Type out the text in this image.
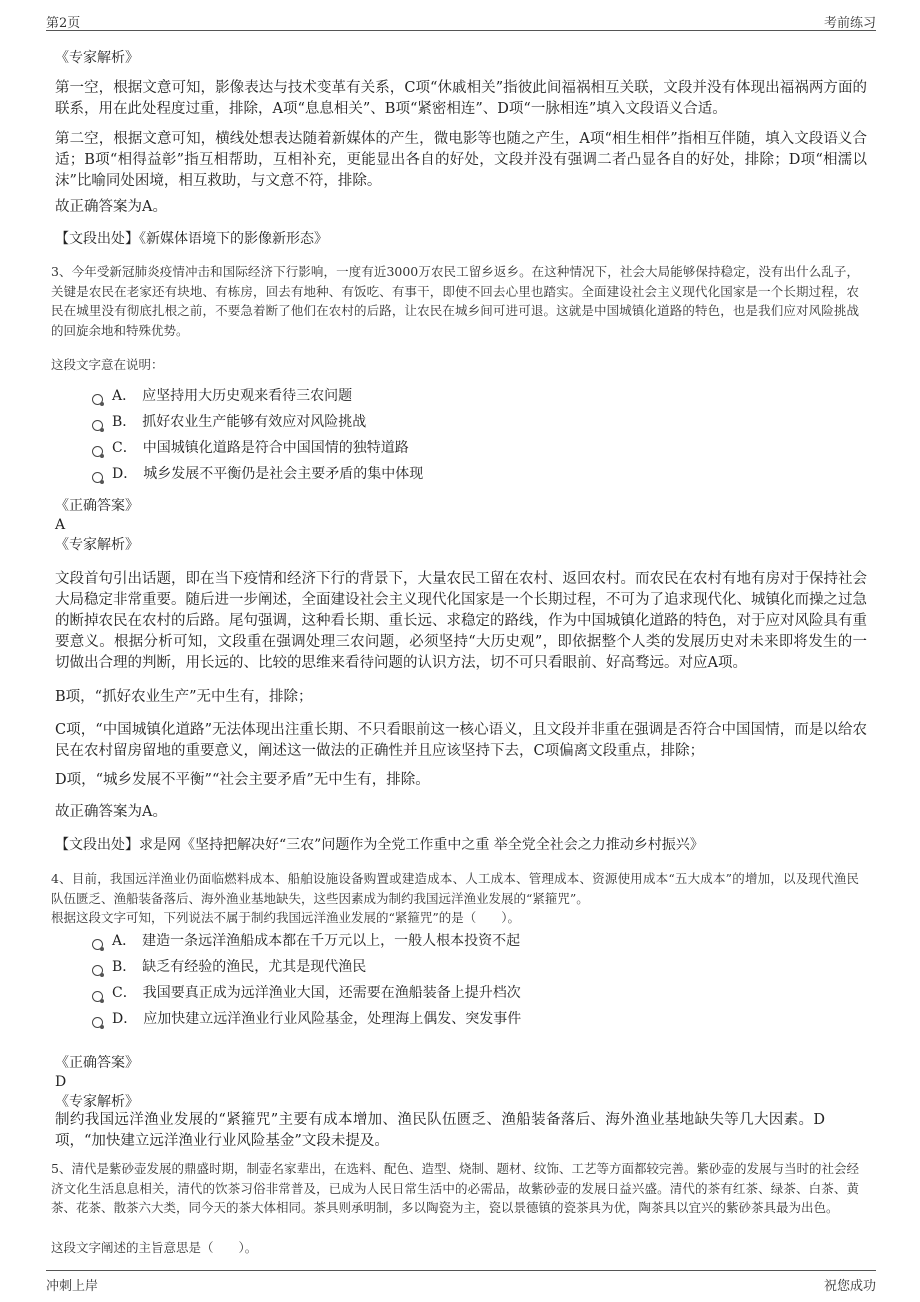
第2页	考前练习
《专家解析》
第一空，根据文意可知，影像表达与技术变革有关系，C项“休戚相关”指彼此间福祸相互关联，文段并没有体现出福祸两方面的联系，用在此处程度过重，排除，A项“息息相关”、B项“紧密相连”、D项“一脉相连”填入文段语义合适。
第二空，根据文意可知，横线处想表达随着新媒体的产生，微电影等也随之产生，A项“相生相伴”指相互伴随，填入文段语义合适；B项“相得益彰”指互相帮助，互相补充，更能显出各自的好处，文段并没有强调二者凸显各自的好处，排除；D项“相濡以沫”比喻同处困境，相互救助，与文意不符，排除。
故正确答案为A。
【文段出处】《新媒体语境下的影像新形态》
3、今年受新冠肺炎疫情冲击和国际经济下行影响，一度有近3000万农民工留乡返乡。在这种情况下，社会大局能够保持稳定，没有出什么乱子，关键是农民在老家还有块地、有栋房，回去有地种、有饭吃、有事干，即使不回去心里也踏实。全面建设社会主义现代化国家是一个长期过程，农民在城里没有彻底扎根之前，不要急着断了他们在农村的后路，让农民在城乡间可进可退。这就是中国城镇化道路的特色，也是我们应对风险挑战的回旋余地和特殊优势。
这段文字意在说明：
A． 应坚持用大历史观来看待三农问题
B． 抓好农业生产能够有效应对风险挑战
C． 中国城镇化道路是符合中国国情的独特道路
D． 城乡发展不平衡仍是社会主要矛盾的集中体现
《正确答案》
A
《专家解析》
文段首句引出话题，即在当下疫情和经济下行的背景下，大量农民工留在农村、返回农村。而农民在农村有地有房对于保持社会大局稳定非常重要。随后进一步阐述，全面建设社会主义现代化国家是一个长期过程，不可为了追求现代化、城镇化而操之过急的断掉农民在农村的后路。尾句强调，这种看长期、重长远、求稳定的路线，作为中国城镇化道路的特色，对于应对风险具有重要意义。根据分析可知，文段重在强调处理三农问题，必须坚持“大历史观”，即依据整个人类的发展历史对未来即将发生的一切做出合理的判断，用长远的、比较的思维来看待问题的认识方法，切不可只看眼前、好高骛远。对应A项。
B项，“抓好农业生产”无中生有，排除；
C项，“中国城镇化道路”无法体现出注重长期、不只看眼前这一核心语义，且文段并非重在强调是否符合中国国情，而是以给农民在农村留房留地的重要意义，阐述这一做法的正确性并且应该坚持下去，C项偏离文段重点，排除；
D项，“城乡发展不平衡”“社会主要矛盾”无中生有，排除。
故正确答案为A。
【文段出处】求是网《坚持把解决好“三农”问题作为全党工作重中之重 举全党全社会之力推动乡村振兴》
4、目前，我国远洋渔业仍面临燃料成本、船舶设施设备购置或建造成本、人工成本、管理成本、资源使用成本“五大成本”的增加，以及现代渔民队伍匮乏、渔船装备落后、海外渔业基地缺失，这些因素成为制约我国远洋渔业发展的“紧箍咒”。
根据这段文字可知，下列说法不属于制约我国远洋渔业发展的“紧箍咒”的是（　　）。
A． 建造一条远洋渔船成本都在千万元以上，一般人根本投资不起
B． 缺乏有经验的渔民，尤其是现代渔民
C． 我国要真正成为远洋渔业大国，还需要在渔船装备上提升档次
D． 应加快建立远洋渔业行业风险基金，处理海上偶发、突发事件
《正确答案》
D
《专家解析》
制约我国远洋渔业发展的“紧箍咒”主要有成本增加、渔民队伍匮乏、渔船装备落后、海外渔业基地缺失等几大因素。D项，“加快建立远洋渔业行业风险基金”文段未提及。
5、清代是紫砂壶发展的鼎盛时期，制壶名家辈出，在选料、配色、造型、烧制、题材、纹饰、工艺等方面都较完善。紫砂壶的发展与当时的社会经济文化生活息息相关，清代的饮茶习俗非常普及，已成为人民日常生活中的必需品，故紫砂壶的发展日益兴盛。清代的茶有红茶、绿茶、白茶、黄茶、花茶、散茶六大类，同今天的茶大体相同。茶具则承明制，多以陶瓷为主，瓷以景德镇的瓷茶具为优，陶茶具以宜兴的紫砂茶具最为出色。
这段文字阐述的主旨意思是（　　）。
冲刺上岸	祝您成功
